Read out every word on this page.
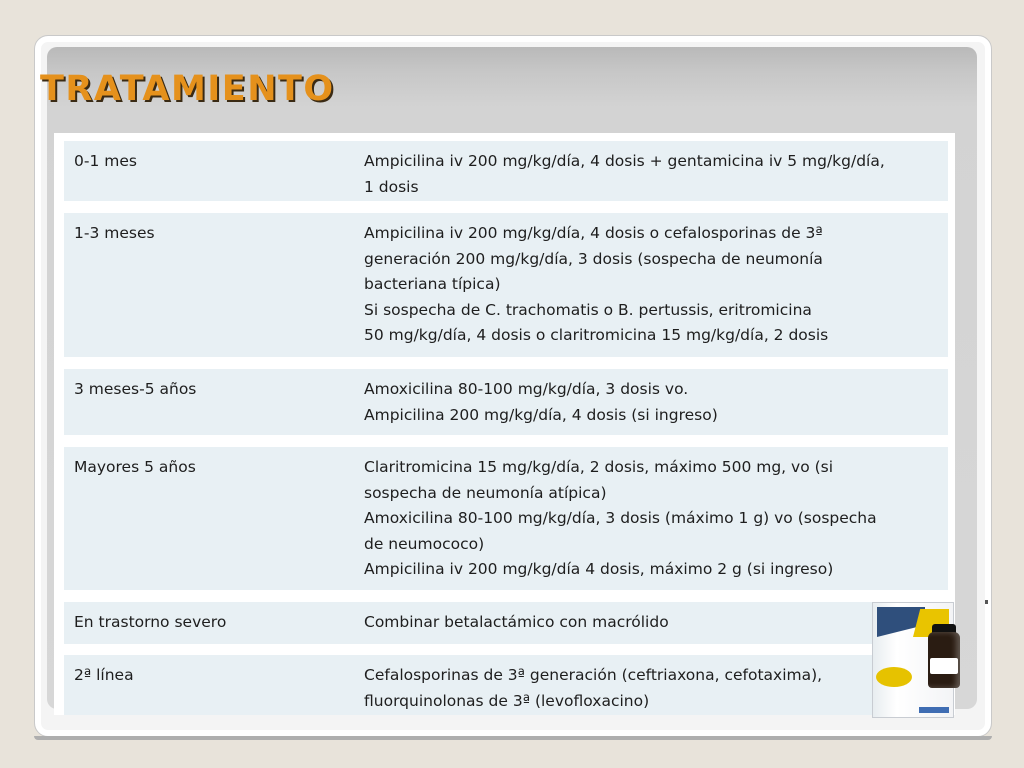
TRATAMIENTO
0-1 mes	Ampicilina iv 200 mg/kg/día, 4 dosis + gentamicina iv 5 mg/kg/día,
1 dosis
1-3 meses	Ampicilina iv 200 mg/kg/día, 4 dosis o cefalosporinas de 3ª
generación 200 mg/kg/día, 3 dosis (sospecha de neumonía
bacteriana típica)
Si sospecha de C. trachomatis o B. pertussis, eritromicina
50 mg/kg/día, 4 dosis o claritromicina 15 mg/kg/día, 2 dosis
3 meses-5 años	Amoxicilina 80-100 mg/kg/día, 3 dosis vo.
Ampicilina 200 mg/kg/día, 4 dosis (si ingreso)
Mayores 5 años	Claritromicina 15 mg/kg/día, 2 dosis, máximo 500 mg, vo (si
sospecha de neumonía atípica)
Amoxicilina 80-100 mg/kg/día, 3 dosis (máximo 1 g) vo (sospecha
de neumococo)
Ampicilina iv 200 mg/kg/día 4 dosis, máximo 2 g (si ingreso)
En trastorno severo	Combinar betalactámico con macrólido
2ª línea	Cefalosporinas de 3ª generación (ceftriaxona, cefotaxima),
fluorquinolonas de 3ª (levofloxacino)
